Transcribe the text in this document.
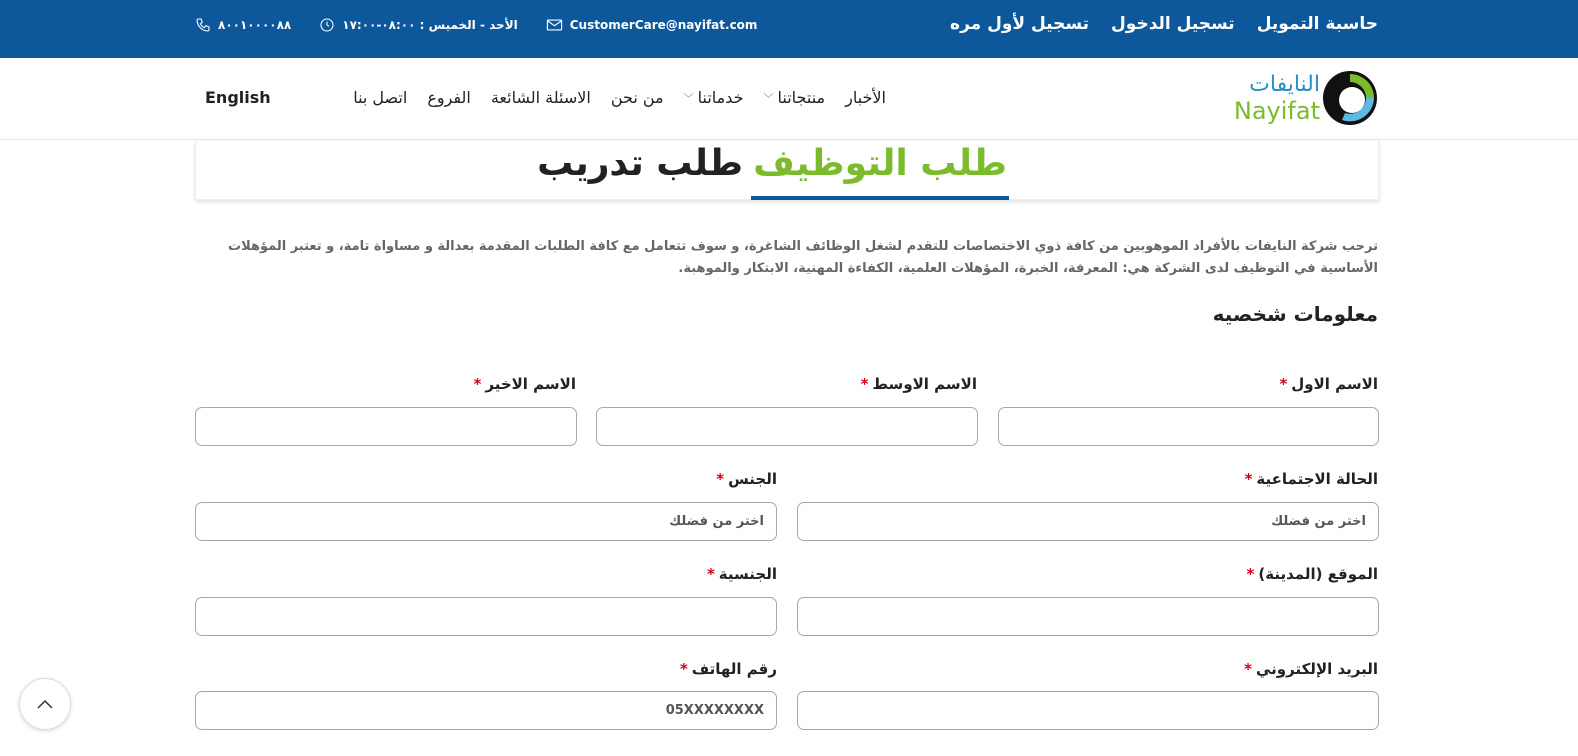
حاسبة التمويل
تسجيل الدخول
تسجيل لأول مره
٨٠٠١٠٠٠٠٨٨	الأحد - الخميس : ٠٨:٠٠-١٧:٠٠	CustomerCare@nayifat.com
النايفات
Nayifat
الأخبار
منتجاتنا
﹀
خدماتنا
﹀
من نحن
الاسئلة الشائعة
الفروع
اتصل بنا
English
طلب التوظيف
طلب تدريب
ترحب شركة النايفات بالأفراد الموهوبين من كافة ذوي الاختصاصات للتقدم لشغل الوظائف الشاغرة، و سوف تتعامل مع كافة الطلبات المقدمة بعدالة و مساواة تامة، و تعتبر المؤهلات الأساسية في التوظيف لدى الشركة هي: المعرفة، الخبرة، المؤهلات العلمية، الكفاءة المهنية، الابتكار والموهبة.
معلومات شخصيه
الاسم الاول*
الاسم الاوسط*
الاسم الاخير*
الحالة الاجتماعية*
اختر من فضلك
الجنس*
اختر من فضلك
الموقع (المدينة)*
الجنسية*
البريد الإلكتروني*
رقم الهاتف*
05XXXXXXXX
